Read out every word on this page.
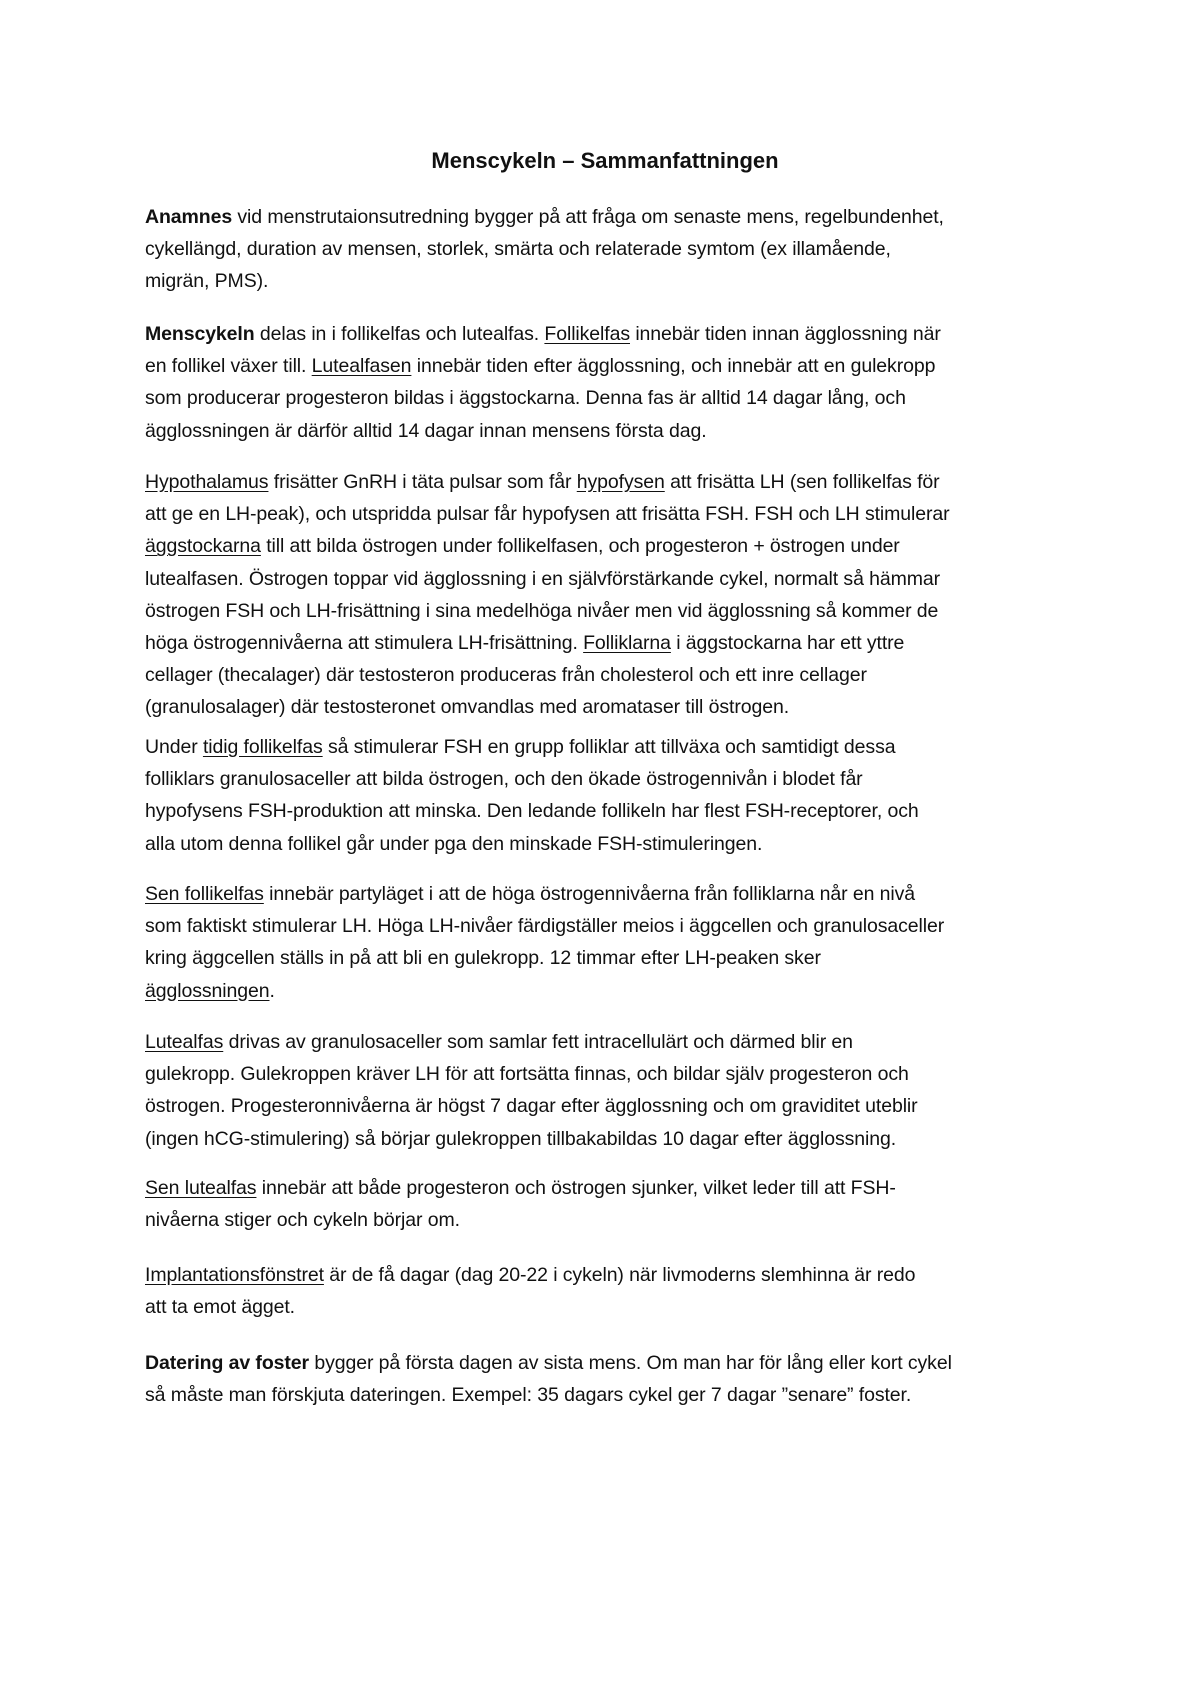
Menscykeln – Sammanfattningen

Anamnes vid menstrutaionsutredning bygger på att fråga om senaste mens, regelbundenhet,
cykellängd, duration av mensen, storlek, smärta och relaterade symtom (ex illamående,
migrän, PMS).

Menscykeln delas in i follikelfas och lutealfas. Follikelfas innebär tiden innan ägglossning när
en follikel växer till. Lutealfasen innebär tiden efter ägglossning, och innebär att en gulekropp
som producerar progesteron bildas i äggstockarna. Denna fas är alltid 14 dagar lång, och
ägglossningen är därför alltid 14 dagar innan mensens första dag.

Hypothalamus frisätter GnRH i täta pulsar som får hypofysen att frisätta LH (sen follikelfas för
att ge en LH-peak), och utspridda pulsar får hypofysen att frisätta FSH. FSH och LH stimulerar
äggstockarna till att bilda östrogen under follikelfasen, och progesteron + östrogen under
lutealfasen. Östrogen toppar vid ägglossning i en självförstärkande cykel, normalt så hämmar
östrogen FSH och LH-frisättning i sina medelhöga nivåer men vid ägglossning så kommer de
höga östrogennivåerna att stimulera LH-frisättning. Folliklarna i äggstockarna har ett yttre
cellager (thecalager) där testosteron produceras från cholesterol och ett inre cellager
(granulosalager) där testosteronet omvandlas med aromataser till östrogen.

Under tidig follikelfas så stimulerar FSH en grupp folliklar att tillväxa och samtidigt dessa
folliklars granulosaceller att bilda östrogen, och den ökade östrogennivån i blodet får
hypofysens FSH-produktion att minska. Den ledande follikeln har flest FSH-receptorer, och
alla utom denna follikel går under pga den minskade FSH-stimuleringen.

Sen follikelfas innebär partyläget i att de höga östrogennivåerna från folliklarna når en nivå
som faktiskt stimulerar LH. Höga LH-nivåer färdigställer meios i äggcellen och granulosaceller
kring äggcellen ställs in på att bli en gulekropp. 12 timmar efter LH-peaken sker
ägglossningen.

Lutealfas drivas av granulosaceller som samlar fett intracellulärt och därmed blir en
gulekropp. Gulekroppen kräver LH för att fortsätta finnas, och bildar själv progesteron och
östrogen. Progesteronnivåerna är högst 7 dagar efter ägglossning och om graviditet uteblir
(ingen hCG-stimulering) så börjar gulekroppen tillbakabildas 10 dagar efter ägglossning.

Sen lutealfas innebär att både progesteron och östrogen sjunker, vilket leder till att FSH-
nivåerna stiger och cykeln börjar om.

Implantationsfönstret är de få dagar (dag 20-22 i cykeln) när livmoderns slemhinna är redo
att ta emot ägget.

Datering av foster bygger på första dagen av sista mens. Om man har för lång eller kort cykel
så måste man förskjuta dateringen. Exempel: 35 dagars cykel ger 7 dagar ”senare” foster.
